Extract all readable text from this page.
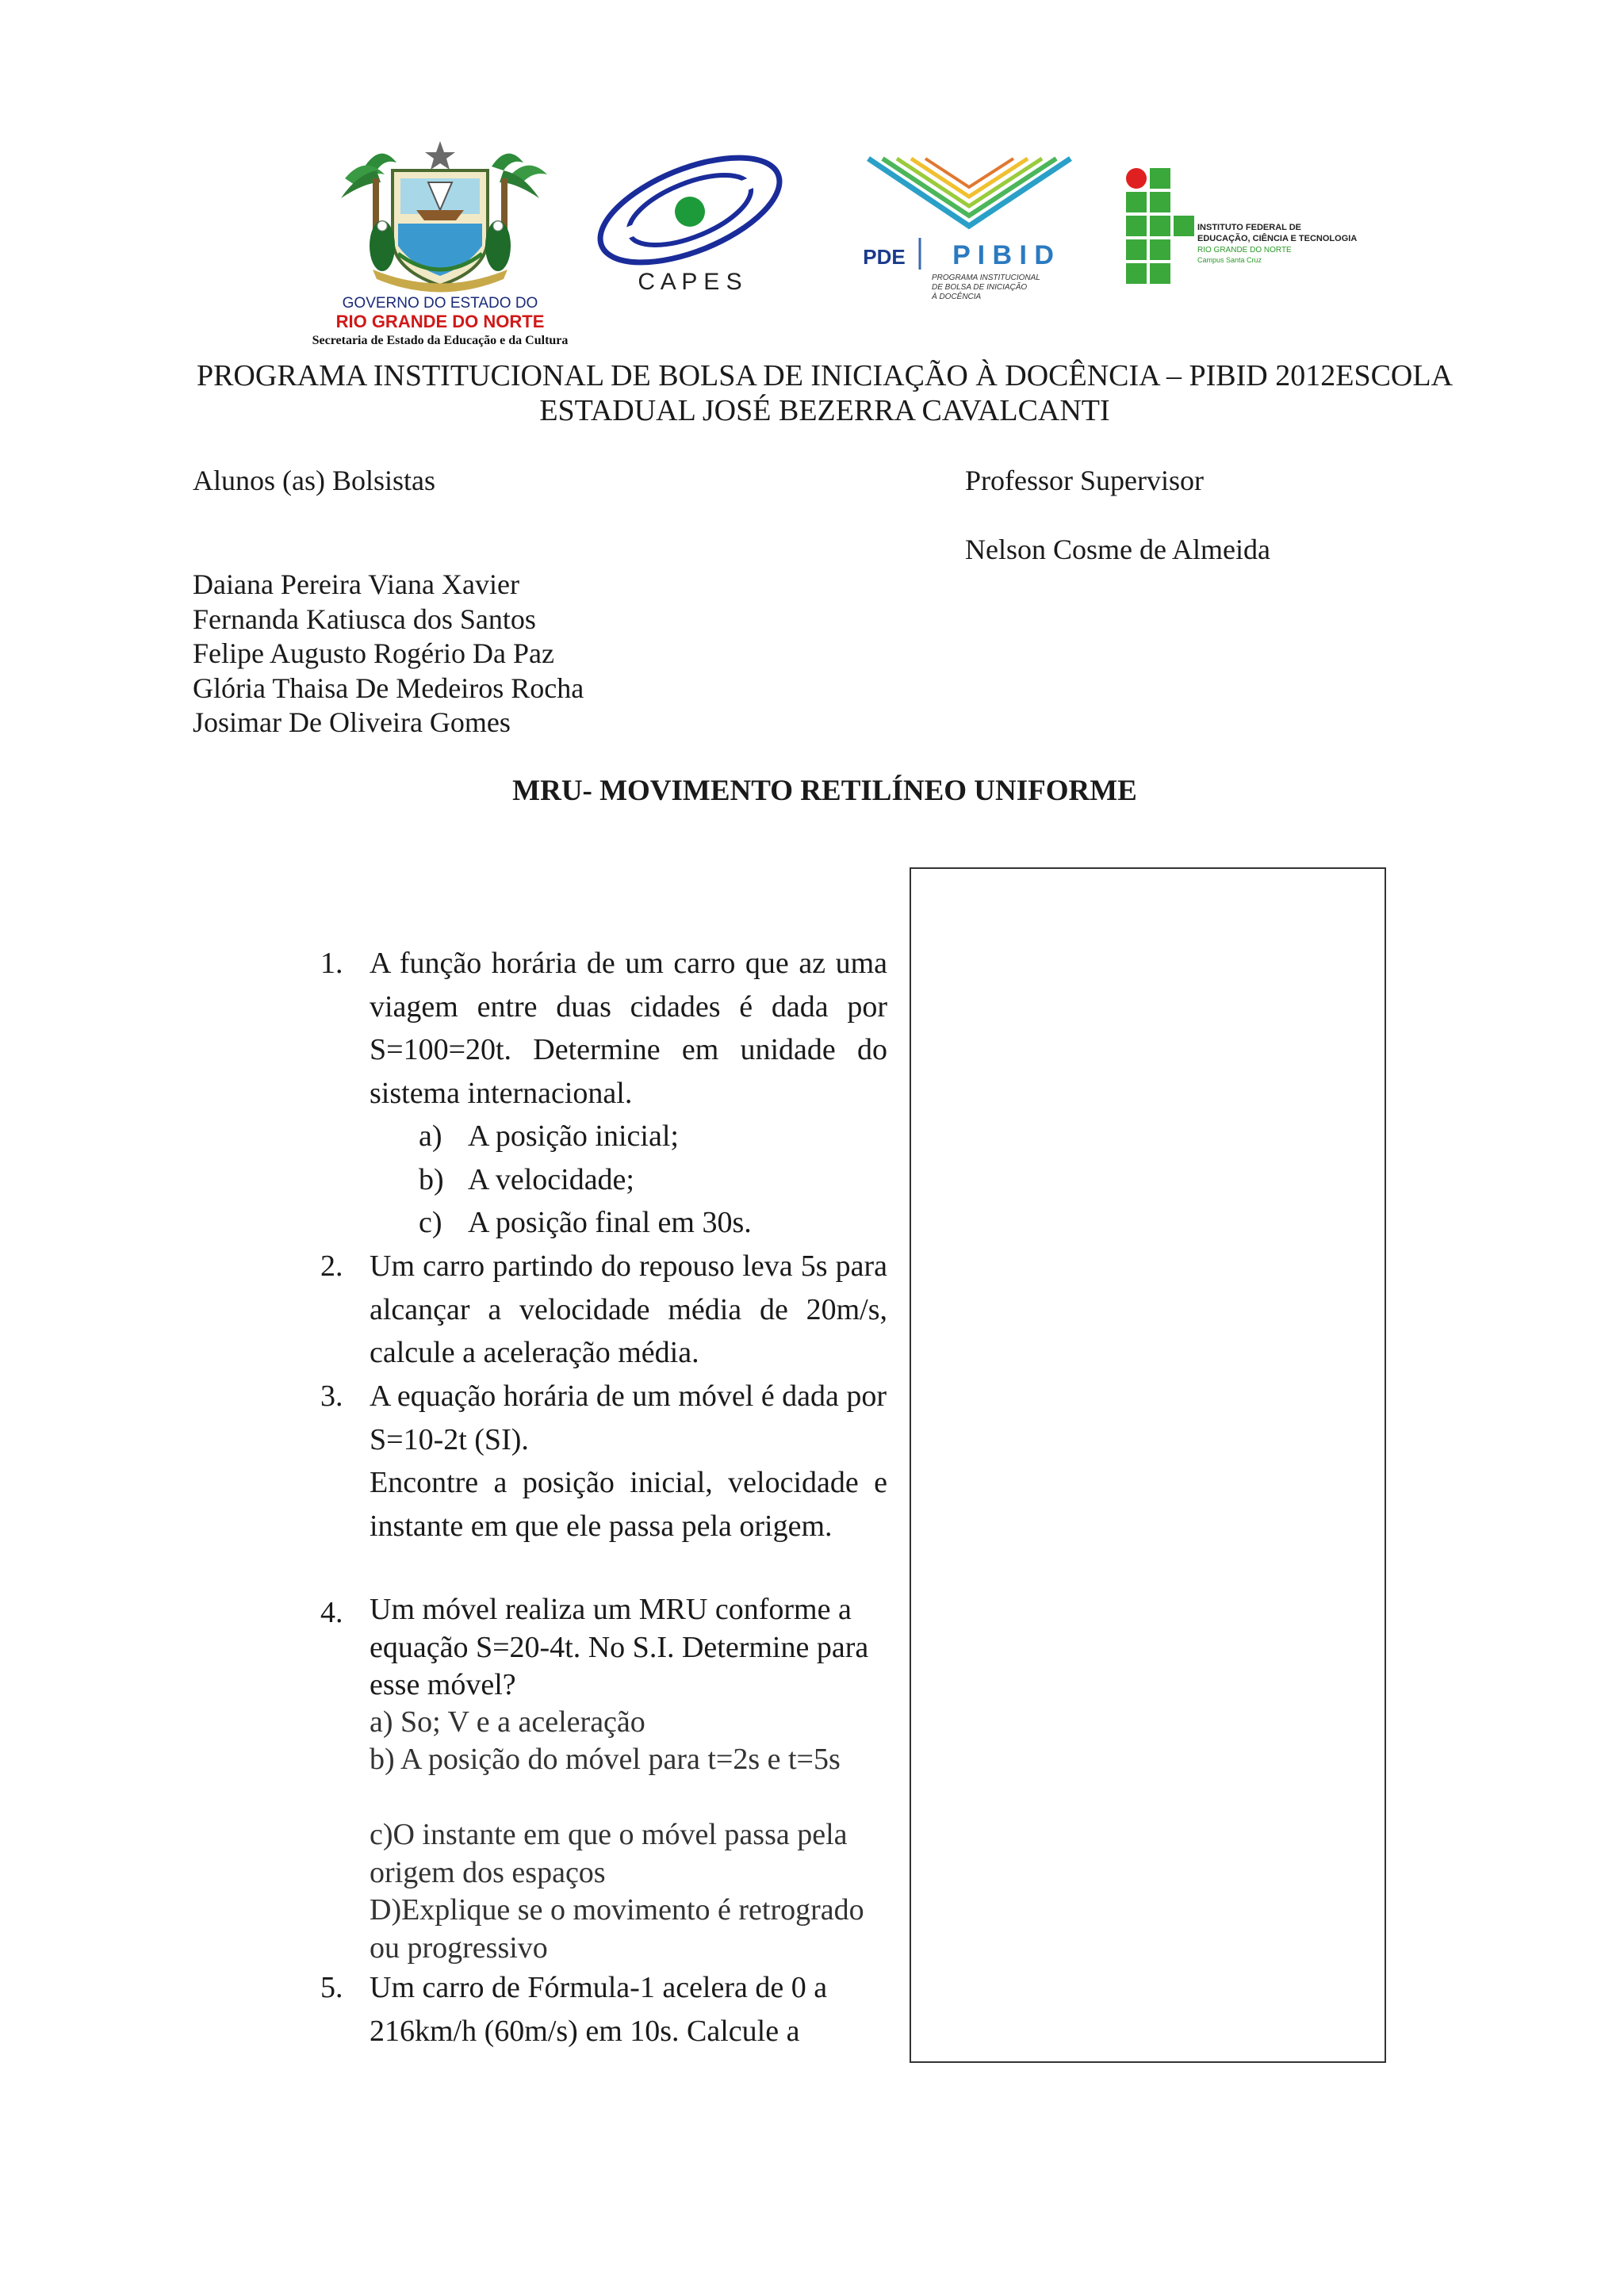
GOVERNO DO ESTADO DO
RIO GRANDE DO NORTE
Secretaria de Estado da Educação e da Cultura
C A P E S
PDE P I B I D
PROGRAMA INSTITUCIONAL
DE BOLSA DE INICIAÇÃO
À DOCÊNCIA
INSTITUTO FEDERAL DE
EDUCAÇÃO, CIÊNCIA E TECNOLOGIA
RIO GRANDE DO NORTE
Campus Santa Cruz
PROGRAMA INSTITUCIONAL DE BOLSA DE INICIAÇÃO À DOCÊNCIA – PIBID 2012ESCOLA
ESTADUAL JOSÉ BEZERRA CAVALCANTI
Alunos (as) Bolsistas	Professor Supervisor
Nelson Cosme de Almeida
Daiana Pereira Viana Xavier
Fernanda Katiusca dos Santos
Felipe Augusto Rogério Da Paz
Glória Thaisa De Medeiros Rocha
Josimar De Oliveira Gomes
MRU- MOVIMENTO RETILÍNEO UNIFORME
1. A função horária de um carro que az uma viagem entre duas cidades é dada por S=100=20t. Determine em unidade do sistema internacional.
a) A posição inicial;
b) A velocidade;
c) A posição final em 30s.
2. Um carro partindo do repouso leva 5s para alcançar a velocidade média de 20m/s, calcule a aceleração média.
3. A equação horária de um móvel é dada por S=10-2t (SI).
Encontre a posição inicial, velocidade e instante em que ele passa pela origem.
4. Um móvel realiza um MRU conforme a equação S=20-4t. No S.I. Determine para esse móvel?
a) So; V e a aceleração
b) A posição do móvel para t=2s e t=5s
c)O instante em que o móvel passa pela origem dos espaços
D)Explique se o movimento é retrogrado ou progressivo
5. Um carro de Fórmula-1 acelera de 0 a 216km/h (60m/s) em 10s. Calcule a
